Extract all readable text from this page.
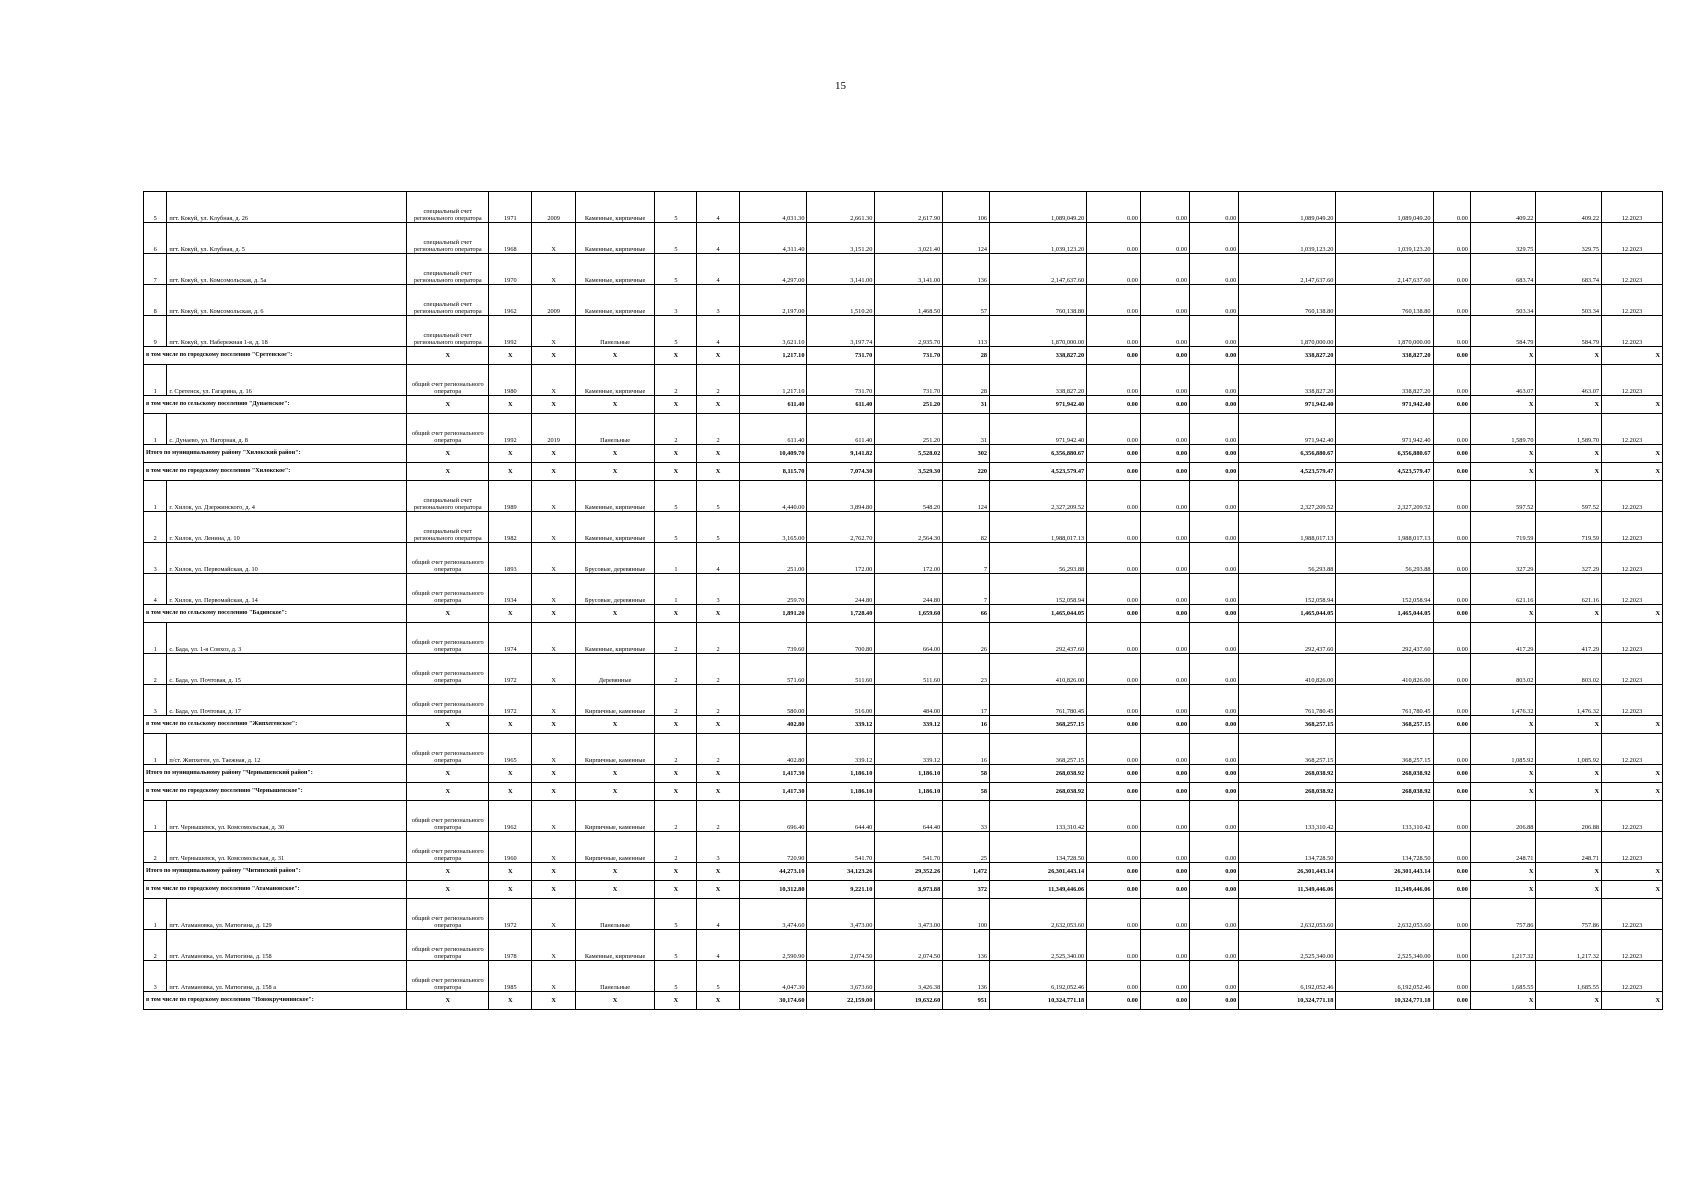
15
5	пгт. Кокуй, ул. Клубная, д. 26	специальный счет регионального оператора	1971	2009	Каменные, кирпичные	5	4	4,031.30	2,661.30	2,617.90	106	1,089,049.20	0.00	0.00	0.00	1,089,049.20	1,089,049.20	0.00	409.22	409.22	12.2023
6	пгт. Кокуй, ул. Клубная, д. 5	специальный счет регионального оператора	1968	Х	Каменные, кирпичные	5	4	4,311.40	3,151.20	3,021.40	124	1,039,123.20	0.00	0.00	0.00	1,039,123.20	1,039,123.20	0.00	329.75	329.75	12.2023
7	пгт. Кокуй, ул. Комсомольская, д. 5а	специальный счет регионального оператора	1970	Х	Каменные, кирпичные	5	4	4,297.00	3,141.00	3,141.00	136	2,147,637.60	0.00	0.00	0.00	2,147,637.60	2,147,637.60	0.00	683.74	683.74	12.2023
8	пгт. Кокуй, ул. Комсомольская, д. 6	специальный счет регионального оператора	1962	2009	Каменные, кирпичные	3	3	2,197.00	1,510.20	1,468.50	57	760,138.80	0.00	0.00	0.00	760,138.80	760,138.80	0.00	503.34	503.34	12.2023
9	пгт. Кокуй, ул. Набережная 1-я, д. 18	специальный счет регионального оператора	1992	Х	Панельные	5	4	3,621.10	3,197.74	2,935.70	113	1,870,000.00	0.00	0.00	0.00	1,870,000.00	1,870,000.00	0.00	584.79	584.79	12.2023
в том числе по городскому поселению "Сретенское":		Х	Х	Х	Х	Х	Х	1,217.10	731.70	731.70	28	338,827.20	0.00	0.00	0.00	338,827.20	338,827.20	0.00	Х	Х	Х
1	г. Сретенск, ул. Гагарина, д. 16	общий счет регионального оператора	1980	Х	Каменные, кирпичные	2	2	1,217.10	731.70	731.70	28	338,827.20	0.00	0.00	0.00	338,827.20	338,827.20	0.00	463.07	463.07	12.2023
в том числе по сельскому поселению "Дунаевское":		Х	Х	Х	Х	Х	Х	611.40	611.40	251.20	31	971,942.40	0.00	0.00	0.00	971,942.40	971,942.40	0.00	Х	Х	Х
1	с. Дунаево, ул. Нагорная, д. 8	общий счет регионального оператора	1992	2019	Панельные	2	2	611.40	611.40	251.20	31	971,942.40	0.00	0.00	0.00	971,942.40	971,942.40	0.00	1,589.70	1,589.70	12.2023
Итого по муниципальному району "Хилокский район":		Х	Х	Х	Х	Х	Х	10,409.70	9,141.82	5,528.02	302	6,356,880.67	0.00	0.00	0.00	6,356,880.67	6,356,880.67	0.00	Х	Х	Х
в том числе по городскому поселению "Хилокское":		Х	Х	Х	Х	Х	Х	8,115.70	7,074.30	3,529.30	220	4,523,579.47	0.00	0.00	0.00	4,523,579.47	4,523,579.47	0.00	Х	Х	Х
1	г. Хилок, ул. Дзержинского, д. 4	специальный счет регионального оператора	1989	Х	Каменные, кирпичные	5	5	4,440.00	3,894.80	548.20	124	2,327,209.52	0.00	0.00	0.00	2,327,209.52	2,327,209.52	0.00	597.52	597.52	12.2023
2	г. Хилок, ул. Ленина, д. 10	специальный счет регионального оператора	1982	Х	Каменные, кирпичные	5	5	3,165.00	2,762.70	2,564.30	82	1,988,017.13	0.00	0.00	0.00	1,988,017.13	1,988,017.13	0.00	719.59	719.59	12.2023
3	г. Хилок, ул. Первомайская, д. 10	общий счет регионального оператора	1893	Х	Брусовые, деревянные	1	4	251.00	172.00	172.00	7	56,293.88	0.00	0.00	0.00	56,293.88	56,293.88	0.00	327.29	327.29	12.2023
4	г. Хилок, ул. Первомайская, д. 14	общий счет регионального оператора	1934	Х	Брусовые, деревянные	1	3	259.70	244.80	244.80	7	152,058.94	0.00	0.00	0.00	152,058.94	152,058.94	0.00	621.16	621.16	12.2023
в том числе по сельскому поселению "Бадинское":		Х	Х	Х	Х	Х	Х	1,891.20	1,728.40	1,659.60	66	1,465,044.05	0.00	0.00	0.00	1,465,044.05	1,465,044.05	0.00	Х	Х	Х
1	с. Бада, ул. 1-я Совхоз, д. 3	общий счет регионального оператора	1974	Х	Каменные, кирпичные	2	2	739.60	700.80	664.00	26	292,437.60	0.00	0.00	0.00	292,437.60	292,437.60	0.00	417.29	417.29	12.2023
2	с. Бада, ул. Почтовая, д. 15	общий счет регионального оператора	1972	Х	Деревянные	2	2	571.60	511.60	511.60	23	410,826.00	0.00	0.00	0.00	410,826.00	410,826.00	0.00	803.02	803.02	12.2023
3	с. Бада, ул. Почтовая, д. 17	общий счет регионального оператора	1972	Х	Кирпичные, каменные	2	2	580.00	516.00	484.00	17	761,780.45	0.00	0.00	0.00	761,780.45	761,780.45	0.00	1,476.32	1,476.32	12.2023
в том числе по сельскому поселению "Жипхегенское":		Х	Х	Х	Х	Х	Х	402.80	339.12	339.12	16	368,257.15	0.00	0.00	0.00	368,257.15	368,257.15	0.00	Х	Х	Х
1	п/ст. Жипхеген, ул. Таежная, д. 12	общий счет регионального оператора	1965	Х	Кирпичные, каменные	2	2	402.80	339.12	339.12	16	368,257.15	0.00	0.00	0.00	368,257.15	368,257.15	0.00	1,085.92	1,085.92	12.2023
Итого по муниципальному району "Чернышевский район":		Х	Х	Х	Х	Х	Х	1,417.30	1,186.10	1,186.10	58	268,038.92	0.00	0.00	0.00	268,038.92	268,038.92	0.00	Х	Х	Х
в том числе по городскому поселению "Чернышевское":		Х	Х	Х	Х	Х	Х	1,417.30	1,186.10	1,186.10	58	268,038.92	0.00	0.00	0.00	268,038.92	268,038.92	0.00	Х	Х	Х
1	пгт. Чернышевск, ул. Комсомольская, д. 30	общий счет регионального оператора	1962	Х	Кирпичные, каменные	2	2	696.40	644.40	644.40	33	133,310.42	0.00	0.00	0.00	133,310.42	133,310.42	0.00	206.88	206.88	12.2023
2	пгт. Чернышевск, ул. Комсомольская, д. 31	общий счет регионального оператора	1960	Х	Кирпичные, каменные	2	3	720.90	541.70	541.70	25	134,728.50	0.00	0.00	0.00	134,728.50	134,728.50	0.00	248.71	248.71	12.2023
Итого по муниципальному району "Читинский район":		Х	Х	Х	Х	Х	Х	44,273.10	34,123.26	29,352.26	1,472	26,301,443.14	0.00	0.00	0.00	26,301,443.14	26,301,443.14	0.00	Х	Х	Х
в том числе по городскому поселению "Атамановское":		Х	Х	Х	Х	Х	Х	10,312.80	9,221.10	8,973.88	372	11,349,446.06	0.00	0.00	0.00	11,349,446.06	11,349,446.06	0.00	Х	Х	Х
1	пгт. Атамановка, ул. Матюгина, д. 129	общий счет регионального оператора	1972	Х	Панельные	5	4	3,474.60	3,473.00	3,473.00	100	2,632,053.60	0.00	0.00	0.00	2,632,053.60	2,632,053.60	0.00	757.86	757.86	12.2023
2	пгт. Атамановка, ул. Матюгина, д. 158	общий счет регионального оператора	1978	Х	Каменные, кирпичные	5	4	2,590.90	2,074.50	2,074.50	136	2,525,340.00	0.00	0.00	0.00	2,525,340.00	2,525,340.00	0.00	1,217.32	1,217.32	12.2023
3	пгт. Атамановка, ул. Матюгина, д. 158 а	общий счет регионального оператора	1985	Х	Панельные	5	5	4,047.30	3,673.60	3,426.38	136	6,192,052.46	0.00	0.00	0.00	6,192,052.46	6,192,052.46	0.00	1,685.55	1,685.55	12.2023
в том числе по городскому поселению "Новокручининское":		Х	Х	Х	Х	Х	Х	30,174.60	22,159.00	19,632.60	951	10,324,771.18	0.00	0.00	0.00	10,324,771.18	10,324,771.18	0.00	Х	Х	Х
